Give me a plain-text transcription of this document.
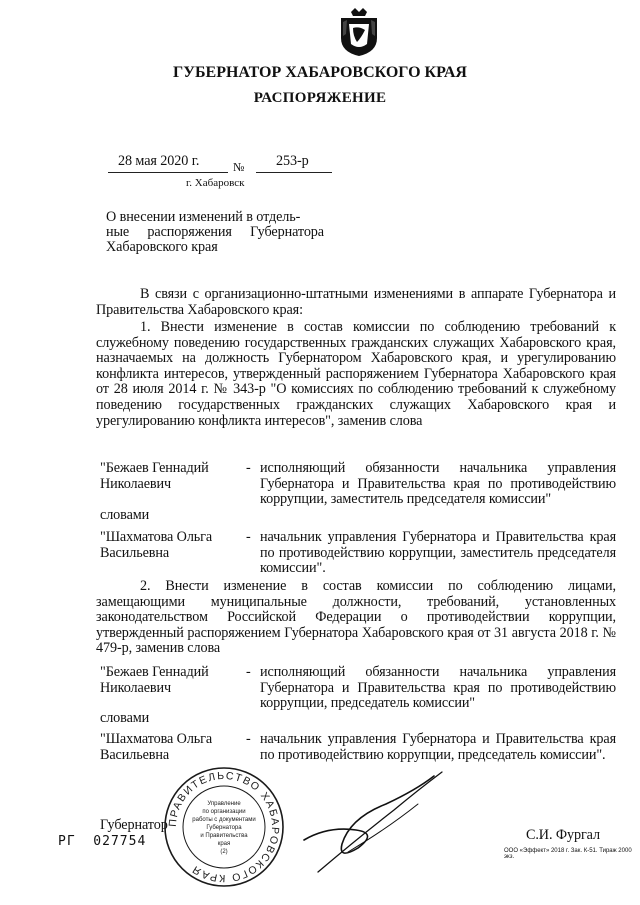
ГУБЕРНАТОР ХАБАРОВСКОГО КРАЯ
РАСПОРЯЖЕНИЕ
28 мая 2020 г.	№ 253-р
г. Хабаровск
О внесении изменений в отдель-
ные распоряжения Губернатора
Хабаровского края
В связи с организационно-штатными изменениями в аппарате Губернатора и Правительства Хабаровского края:
1. Внести изменение в состав комиссии по соблюдению требований к служебному поведению государственных гражданских служащих Хабаровского края, назначаемых на должность Губернатором Хабаровского края, и урегулированию конфликта интересов, утвержденный распоряжением Губернатора Хабаровского края от 28 июля 2014 г. № 343-р "О комиссиях по соблюдению требований к служебному поведению государственных гражданских служащих Хабаровского края и урегулированию конфликта интересов", заменив слова
"Бежаев Геннадий Николаевич
- исполняющий обязанности начальника управления Губернатора и Правительства края по противодействию коррупции, заместитель председателя комиссии"
словами
"Шахматова Ольга Васильевна
- начальник управления Губернатора и Правительства края по противодействию коррупции, заместитель председателя комиссии".
2. Внести изменение в состав комиссии по соблюдению лицами, замещающими муниципальные должности, требований, установленных законодательством Российской Федерации о противодействии коррупции, утвержденный распоряжением Губернатора Хабаровского края от 31 августа 2018 г. № 479-р, заменив слова
"Бежаев Геннадий Николаевич
- исполняющий обязанности начальника управления Губернатора и Правительства края по противодействию коррупции, председатель комиссии"
словами
"Шахматова Ольга Васильевна
- начальник управления Губернатора и Правительства края по противодействию коррупции, председатель комиссии".
Губернатор
РГ  027754
ПРАВИТЕЛЬСТВО ХАБАРОВСКОГО КРАЯ
Управление
по организации
работы с документами
Губернатора
и Правительства
края
(2)
С.И. Фургал
ООО «Эффект» 2018 г. Зак. К-51. Тираж 2000 экз.
